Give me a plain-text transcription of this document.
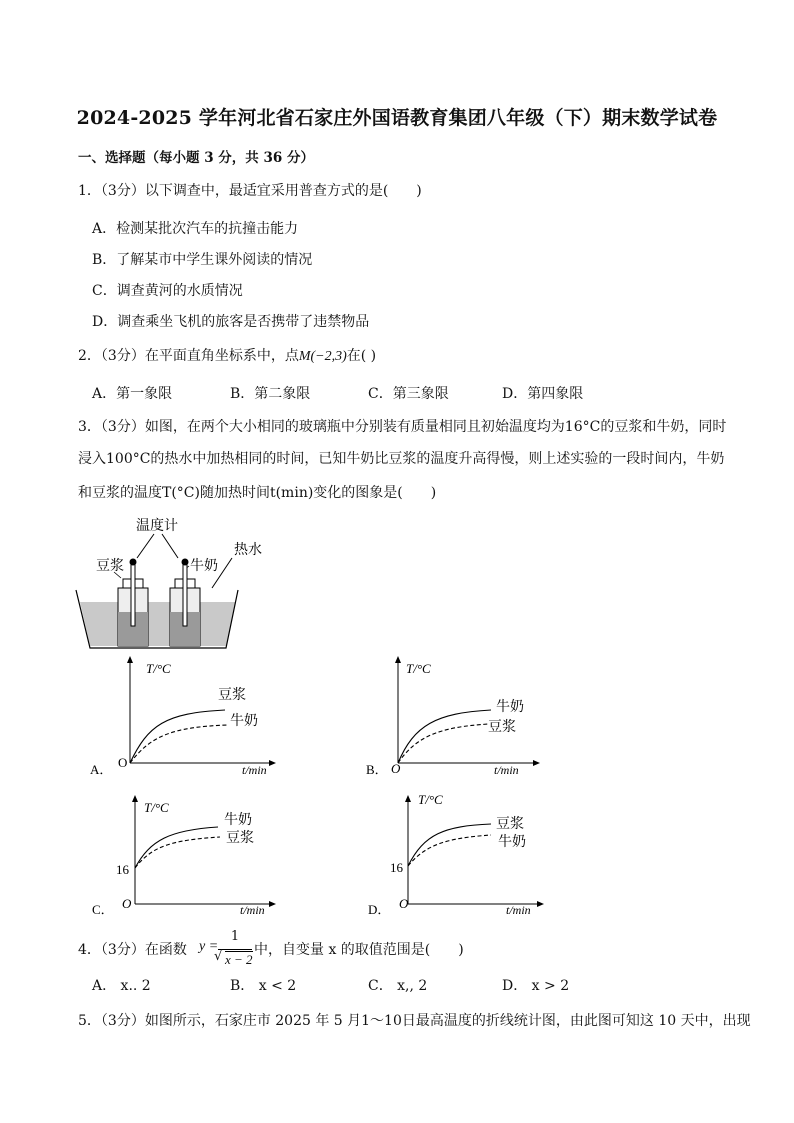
2024-2025 学年河北省石家庄外国语教育集团八年级（下）期末数学试卷
一、选择题（每小题 3 分，共 36 分）
1．（3分）以下调查中，最适宜采用普查方式的是(　　)
A．检测某批次汽车的抗撞击能力
B．了解某市中学生课外阅读的情况
C．调查黄河的水质情况
D．调查乘坐飞机的旅客是否携带了违禁物品
2．（3分）在平面直角坐标系中，点M(−2,3)在( )
A．第一象限	B．第二象限	C．第三象限	D．第四象限
3．（3分）如图，在两个大小相同的玻璃瓶中分别装有质量相同且初始温度均为16°C的豆浆和牛奶，同时
浸入100°C的热水中加热相同的时间，已知牛奶比豆浆的温度升高得慢，则上述实验的一段时间内，牛奶
和豆浆的温度T(°C)随加热时间t(min)变化的图象是(　　)
温度计
豆浆	牛奶
热水
A．
T/°C
t/min
O
豆浆
牛奶
B．
T/°C
t/min
O
牛奶
豆浆
C．
T/°C
t/min
O
16
牛奶
豆浆
D．
T/°C
t/min
O
16
豆浆
牛奶
4．（3分）在函数 y =
1
√ x − 2
中，自变量 x 的取值范围是(　　)
A． x.. 2	B． x < 2	C． x,, 2	D． x > 2
5．（3分）如图所示，石家庄市 2025 年 5 月1～10日最高温度的折线统计图，由此图可知这 10 天中，出现
